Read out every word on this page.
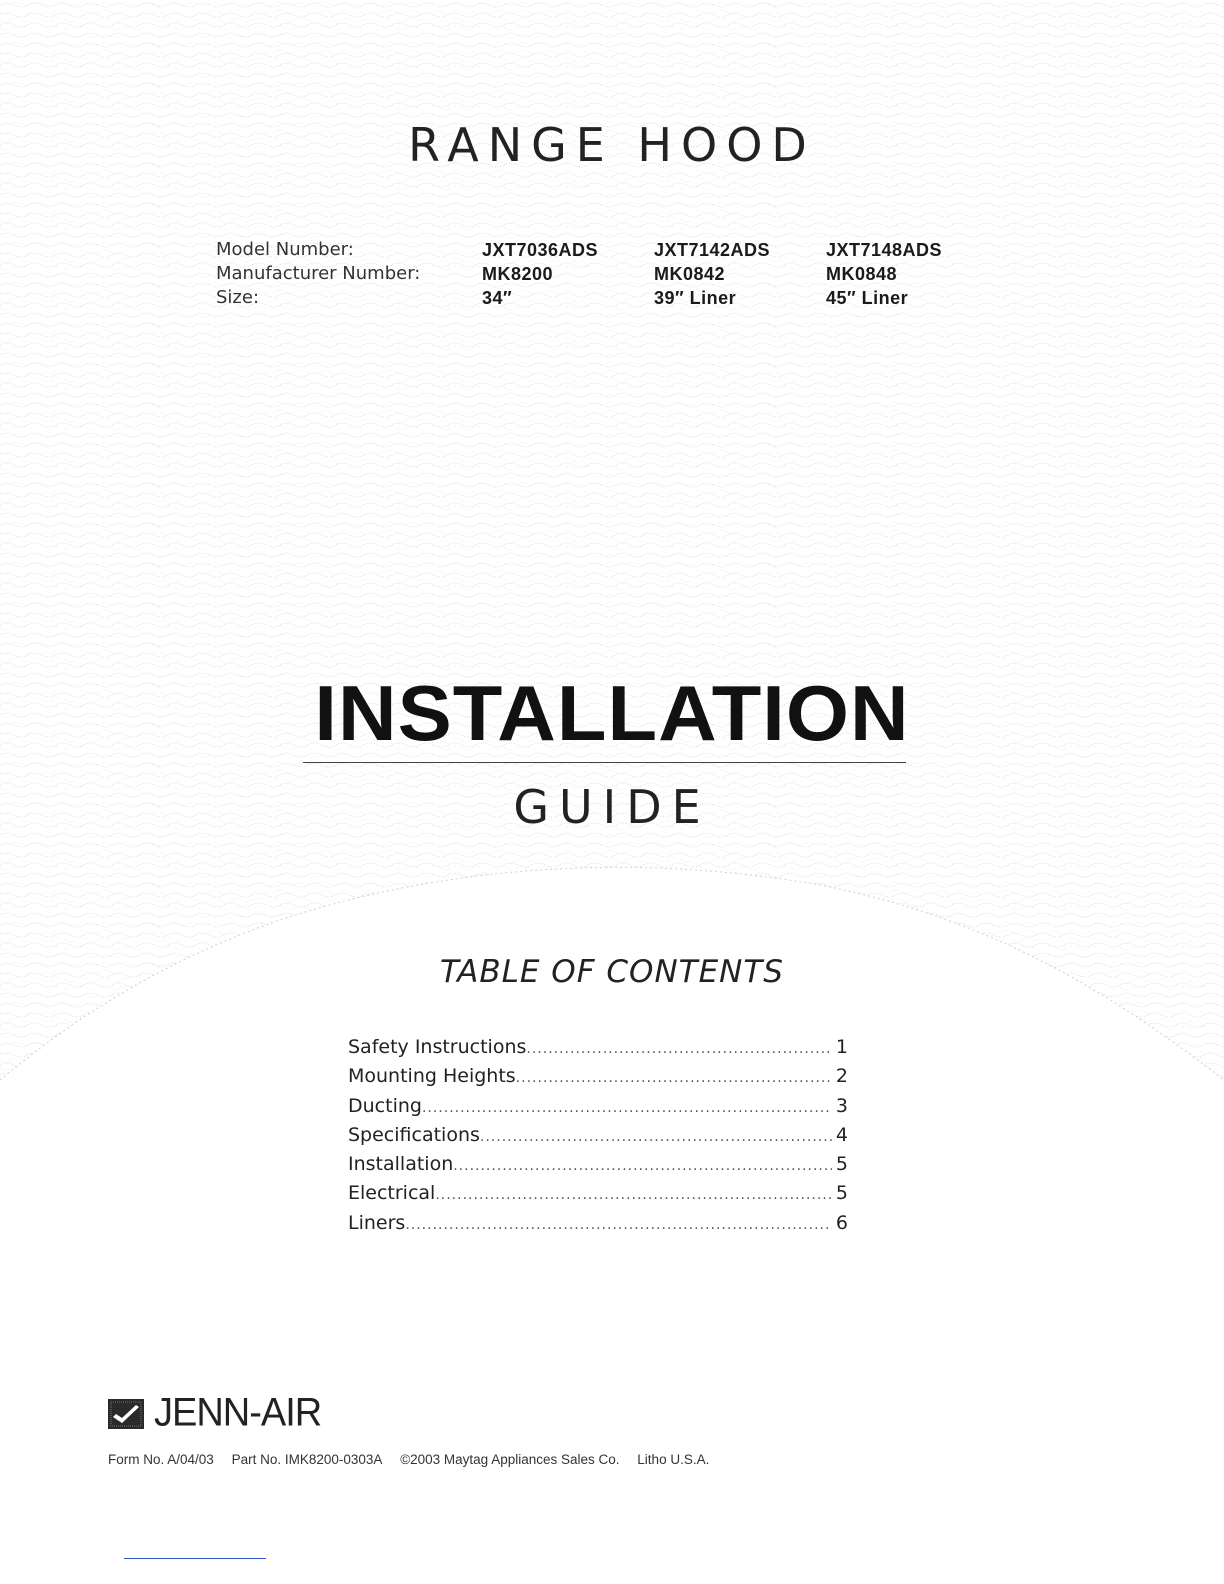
RANGE HOOD
Model Number:	JXT7036ADS	JXT7142ADS	JXT7148ADS
Manufacturer Number:	MK8200	MK0842	MK0848
Size:	34″	39″ Liner	45″ Liner
INSTALLATION
GUIDE
TABLE OF CONTENTS
Safety Instructions .....	1
Mounting Heights .....	2
Ducting .....	3
Specifications .....	4
Installation .....	5
Electrical .....	5
Liners .....	6
JENN-AIR
Form No. A/04/03 Part No. IMK8200-0303A ©2003 Maytag Appliances Sales Co. Litho U.S.A.
